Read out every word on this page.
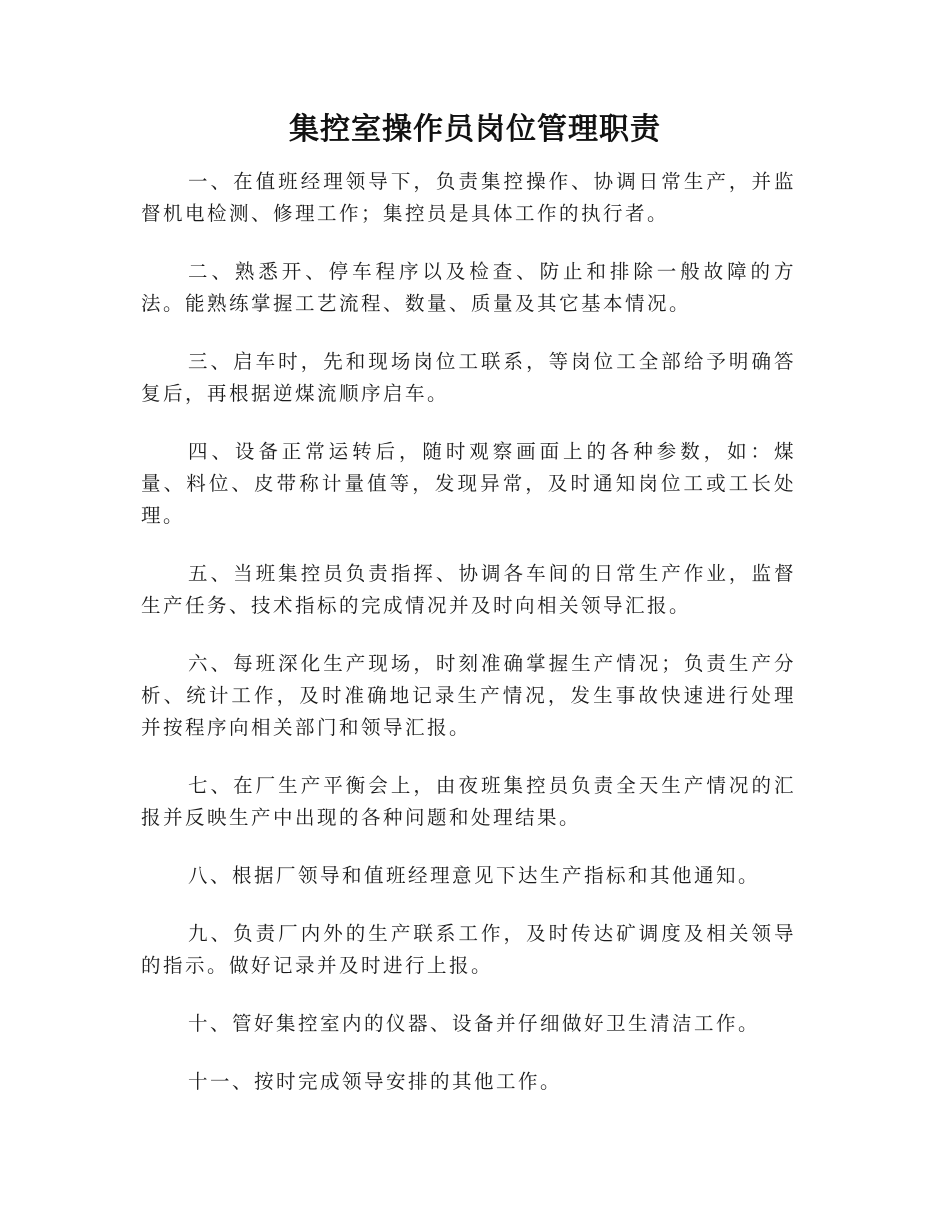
集控室操作员岗位管理职责

一、在值班经理领导下，负责集控操作、协调日常生产，并监督机电检测、修理工作；集控员是具体工作的执行者。

二、熟悉开、停车程序以及检查、防止和排除一般故障的方法。能熟练掌握工艺流程、数量、质量及其它基本情况。

三、启车时，先和现场岗位工联系，等岗位工全部给予明确答复后，再根据逆煤流顺序启车。

四、设备正常运转后，随时观察画面上的各种参数，如：煤量、料位、皮带称计量值等，发现异常，及时通知岗位工或工长处理。

五、当班集控员负责指挥、协调各车间的日常生产作业，监督生产任务、技术指标的完成情况并及时向相关领导汇报。

六、每班深化生产现场，时刻准确掌握生产情况；负责生产分析、统计工作，及时准确地记录生产情况，发生事故快速进行处理并按程序向相关部门和领导汇报。

七、在厂生产平衡会上，由夜班集控员负责全天生产情况的汇报并反映生产中出现的各种问题和处理结果。

八、根据厂领导和值班经理意见下达生产指标和其他通知。

九、负责厂内外的生产联系工作，及时传达矿调度及相关领导的指示。做好记录并及时进行上报。

十、管好集控室内的仪器、设备并仔细做好卫生清洁工作。

十一、按时完成领导安排的其他工作。
